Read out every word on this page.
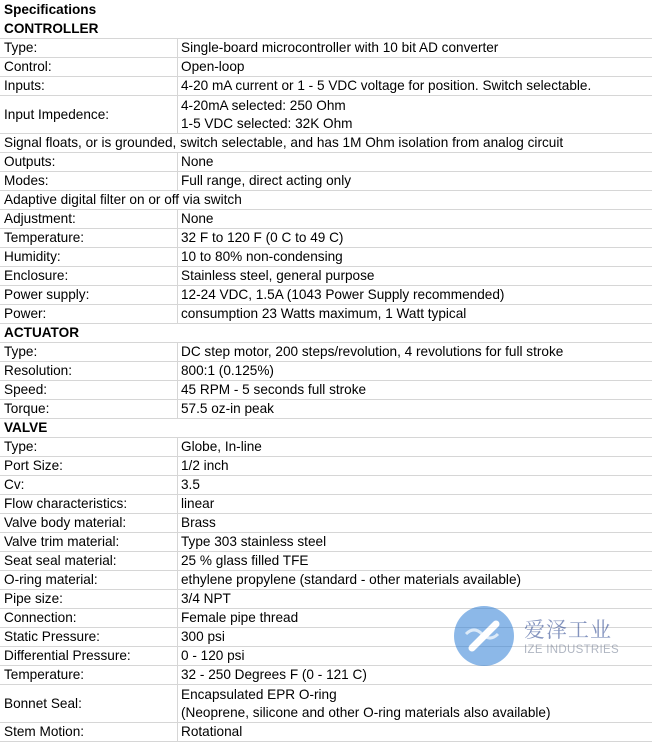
Specifications
CONTROLLER
Type:	Single-board microcontroller with 10 bit AD converter
Control:	Open-loop
Inputs:	4-20 mA current or 1 - 5 VDC voltage for position. Switch selectable.
Input Impedence:
4-20mA selected: 250 Ohm
1-5 VDC selected: 32K Ohm
Signal floats, or is grounded, switch selectable, and has 1M Ohm isolation from analog circuit
Outputs:	None
Modes:	Full range, direct acting only
Adaptive digital filter on or off via switch
Adjustment:	None
Temperature:	32 F to 120 F (0 C to 49 C)
Humidity:	10 to 80% non-condensing
Enclosure:	Stainless steel, general purpose
Power supply:	12-24 VDC, 1.5A (1043 Power Supply recommended)
Power:	consumption 23 Watts maximum, 1 Watt typical
ACTUATOR
Type:	DC step motor, 200 steps/revolution, 4 revolutions for full stroke
Resolution:	800:1 (0.125%)
Speed:	45 RPM - 5 seconds full stroke
Torque:	57.5 oz-in peak
VALVE
Type:	Globe, In-line
Port Size:	1/2 inch
Cv:	3.5
Flow characteristics:	linear
Valve body material:	Brass
Valve trim material:	Type 303 stainless steel
Seat seal material:	25 % glass filled TFE
O-ring material:	ethylene propylene (standard - other materials available)
Pipe size:	3/4 NPT
Connection:	Female pipe thread
Static Pressure:	300 psi
Differential Pressure:	0 - 120 psi
Temperature:	32 - 250 Degrees F (0 - 121 C)
Bonnet Seal:
Encapsulated EPR O-ring
(Neoprene, silicone and other O-ring materials also available)
Stem Motion:	Rotational
爱泽工业
IZE INDUSTRIES
